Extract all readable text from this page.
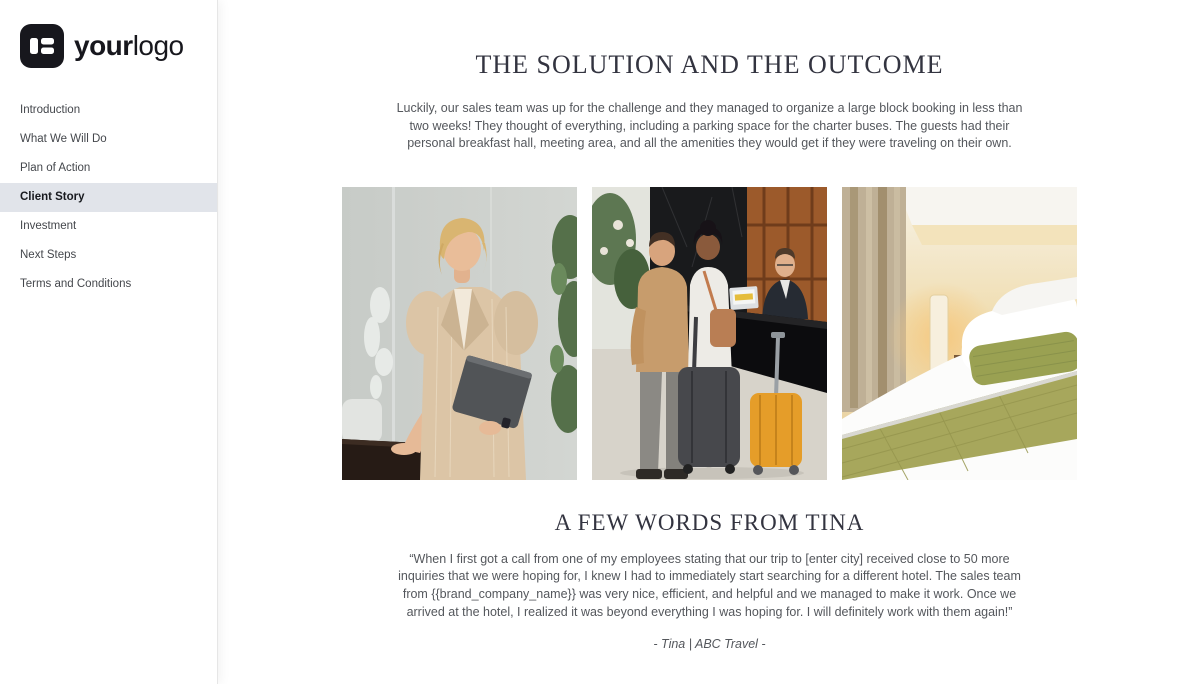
yourlogo
Introduction
What We Will Do
Plan of Action
Client Story
Investment
Next Steps
Terms and Conditions
THE SOLUTION AND THE OUTCOME

Luckily, our sales team was up for the challenge and they managed to organize a large block booking in less than two weeks! They thought of everything, including a parking space for the charter buses. The guests had their personal breakfast hall, meeting area, and all the amenities they would get if they were traveling on their own.

A FEW WORDS FROM TINA

“When I first got a call from one of my employees stating that our trip to [enter city] received close to 50 more inquiries that we were hoping for, I knew I had to immediately start searching for a different hotel. The sales team from {{brand_company_name}} was very nice, efficient, and helpful and we managed to make it work. Once we arrived at the hotel, I realized it was beyond everything I was hoping for. I will definitely work with them again!”

- Tina | ABC Travel -
